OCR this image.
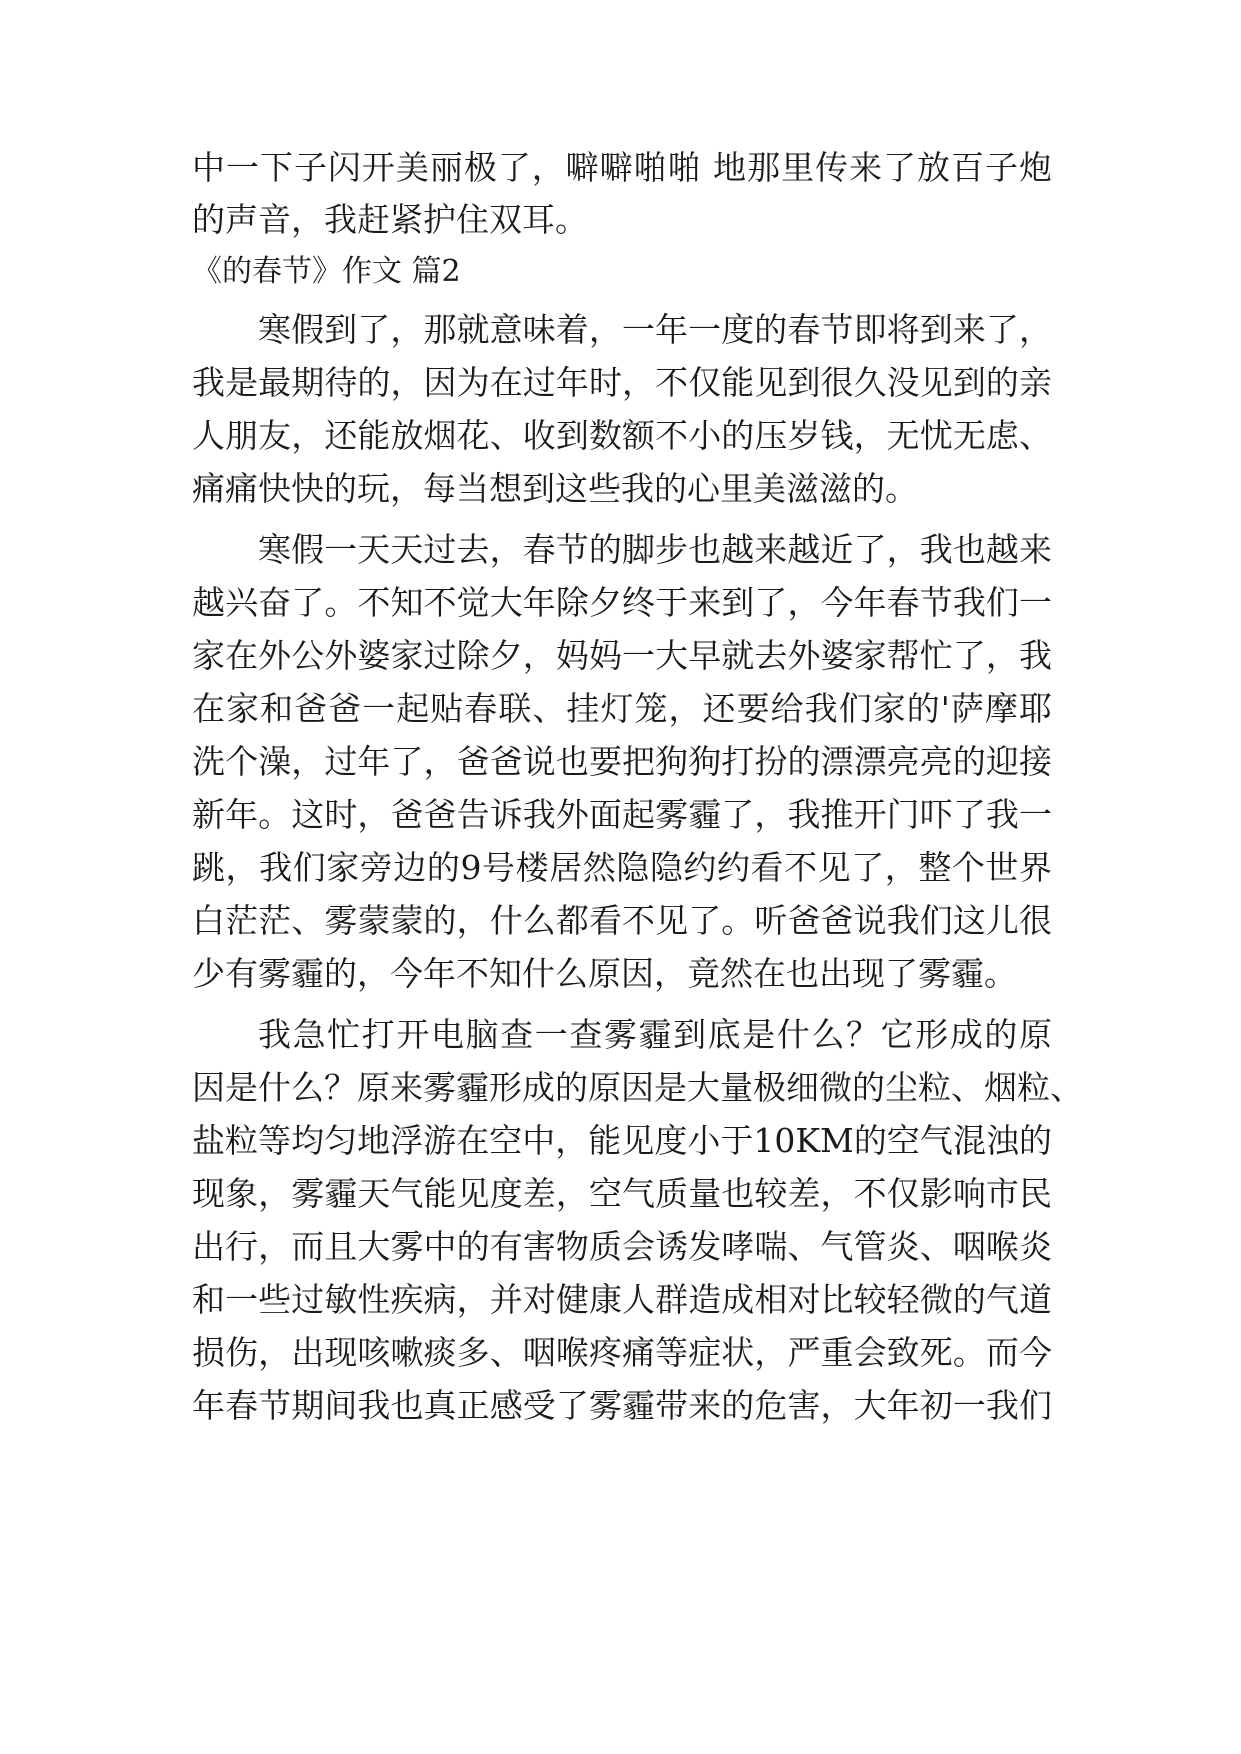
中一下子闪开美丽极了，噼噼啪啪 地那里传来了放百子炮

的声音，我赶紧护住双耳。

《的春节》作文 篇2

寒假到了，那就意味着，一年一度的春节即将到来了，

我是最期待的，因为在过年时，不仅能见到很久没见到的亲

人朋友，还能放烟花、收到数额不小的压岁钱，无忧无虑、

痛痛快快的玩，每当想到这些我的心里美滋滋的。

寒假一天天过去，春节的脚步也越来越近了，我也越来

越兴奋了。不知不觉大年除夕终于来到了，今年春节我们一

家在外公外婆家过除夕，妈妈一大早就去外婆家帮忙了，我

在家和爸爸一起贴春联、挂灯笼，还要给我们家的'萨摩耶

洗个澡，过年了，爸爸说也要把狗狗打扮的漂漂亮亮的迎接

新年。这时，爸爸告诉我外面起雾霾了，我推开门吓了我一

跳，我们家旁边的9号楼居然隐隐约约看不见了，整个世界

白茫茫、雾蒙蒙的，什么都看不见了。听爸爸说我们这儿很

少有雾霾的，今年不知什么原因，竟然在也出现了雾霾。

我急忙打开电脑查一查雾霾到底是什么？它形成的原

因是什么？原来雾霾形成的原因是大量极细微的尘粒、烟粒、

盐粒等均匀地浮游在空中，能见度小于10KM的空气混浊的

现象，雾霾天气能见度差，空气质量也较差，不仅影响市民

出行，而且大雾中的有害物质会诱发哮喘、气管炎、咽喉炎

和一些过敏性疾病，并对健康人群造成相对比较轻微的气道

损伤，出现咳嗽痰多、咽喉疼痛等症状，严重会致死。而今

年春节期间我也真正感受了雾霾带来的危害，大年初一我们
